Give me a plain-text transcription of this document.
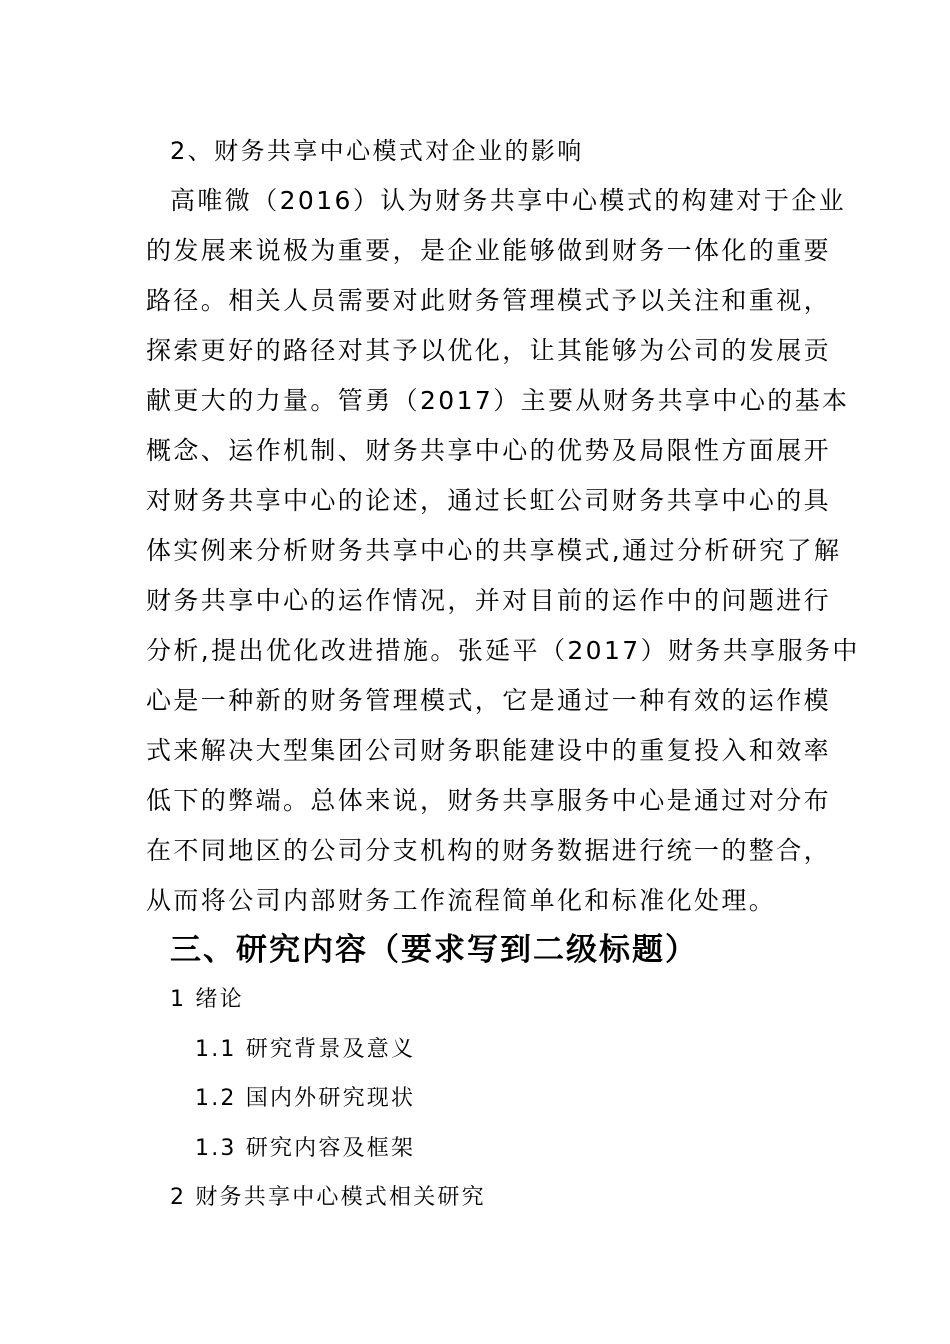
2、财务共享中心模式对企业的影响
高唯微（2016）认为财务共享中心模式的构建对于企业
的发展来说极为重要，是企业能够做到财务一体化的重要
路径。相关人员需要对此财务管理模式予以关注和重视，
探索更好的路径对其予以优化，让其能够为公司的发展贡
献更大的力量。管勇（2017）主要从财务共享中心的基本
概念、运作机制、财务共享中心的优势及局限性方面展开
对财务共享中心的论述，通过长虹公司财务共享中心的具
体实例来分析财务共享中心的共享模式,通过分析研究了解
财务共享中心的运作情况，并对目前的运作中的问题进行
分析,提出优化改进措施。张延平（2017）财务共享服务中
心是一种新的财务管理模式，它是通过一种有效的运作模
式来解决大型集团公司财务职能建设中的重复投入和效率
低下的弊端。总体来说，财务共享服务中心是通过对分布
在不同地区的公司分支机构的财务数据进行统一的整合，
从而将公司内部财务工作流程简单化和标准化处理。
三、研究内容（要求写到二级标题）
1 绪论
1.1 研究背景及意义
1.2 国内外研究现状
1.3 研究内容及框架
2 财务共享中心模式相关研究
